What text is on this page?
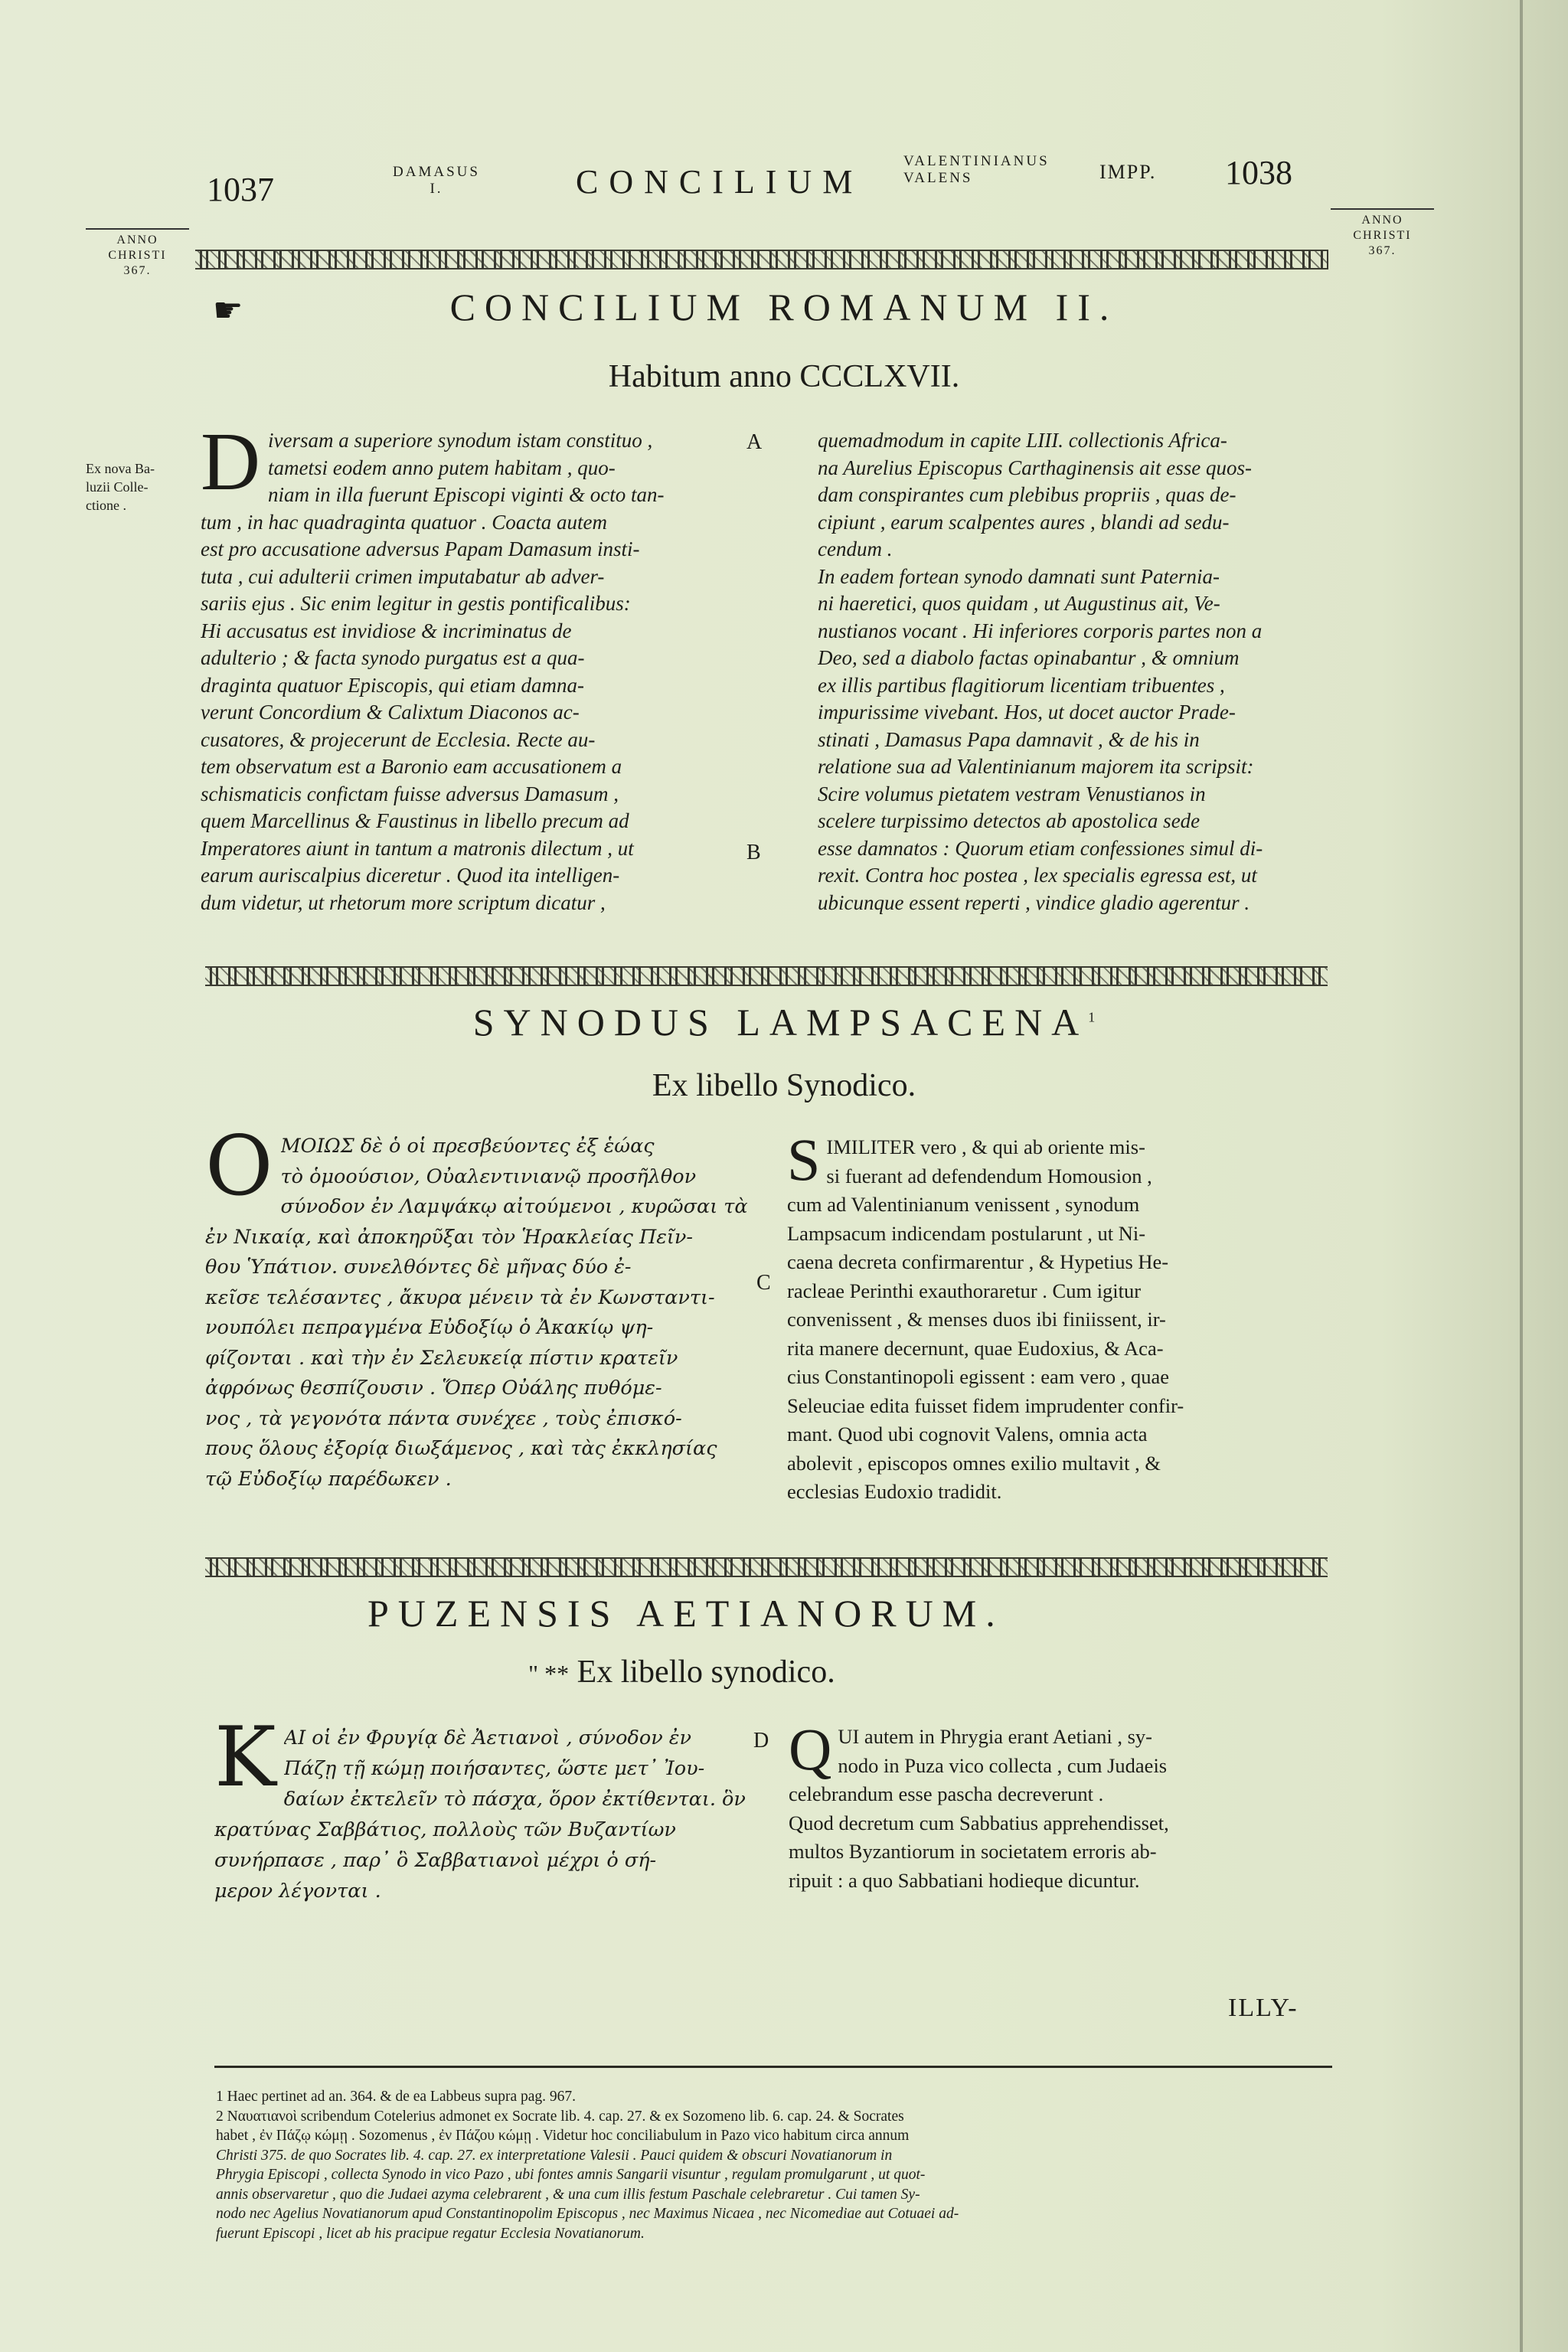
1037	DAMASUS
I.	CONCILIUM
VALENTINIANUS
VALENS	IMPP. 1038
ANNO
CHRISTI
367.
ANNO
CHRISTI
367.
☛	CONCILIUM ROMANUM II.
Habitum anno CCCLXVII.
Ex nova Ba-
luzii Colle-
ctione . D iversam a superiore synodum istam constituo ,
tametsi eodem anno putem habitam , quo-
niam in illa fuerunt Episcopi viginti & octo tan-
tum , in hac quadraginta quatuor . Coacta autem
est pro accusatione adversus Papam Damasum insti-
tuta , cui adulterii crimen imputabatur ab adver-
sariis ejus . Sic enim legitur in gestis pontificalibus:
Hi accusatus est invidiose & incriminatus de
adulterio ; & facta synodo purgatus est a qua-
draginta quatuor Episcopis, qui etiam damna-
verunt Concordium & Calixtum Diaconos ac-
cusatores, & projecerunt de Ecclesia. Recte au-
tem observatum est a Baronio eam accusationem a
schismaticis confictam fuisse adversus Damasum ,
quem Marcellinus & Faustinus in libello precum ad
Imperatores aiunt in tantum a matronis dilectum , ut
earum auriscalpius diceretur . Quod ita intelligen-
dum videtur, ut rhetorum more scriptum dicatur ,
A
B
quemadmodum in capite LIII. collectionis Africa-
na Aurelius Episcopus Carthaginensis ait esse quos-
dam conspirantes cum plebibus propriis , quas de-
cipiunt , earum scalpentes aures , blandi ad sedu-
cendum .
In eadem fortean synodo damnati sunt Paternia-
ni haeretici, quos quidam , ut Augustinus ait, Ve-
nustianos vocant . Hi inferiores corporis partes non a
Deo, sed a diabolo factas opinabantur , & omnium
ex illis partibus flagitiorum licentiam tribuentes ,
impurissime vivebant. Hos, ut docet auctor Prade-
stinati , Damasus Papa damnavit , & de his in
relatione sua ad Valentinianum majorem ita scripsit:
Scire volumus pietatem vestram Venustianos in
scelere turpissimo detectos ab apostolica sede
esse damnatos : Quorum etiam confessiones simul di-
rexit. Contra hoc postea , lex specialis egressa est, ut
ubicunque essent reperti , vindice gladio agerentur .
SYNODUS LAMPSACENA$^1$
Ex libello Synodico.
Ο ΜΟΙΩΣ δὲ ὁ οἱ πρεσβεύοντες ἐξ ἑώας
τὸ ὁμοούσιον, Οὐαλεντινιανῷ προσῆλθον
σύνοδον ἐν Λαμψάκῳ αἰτούμενοι , κυρῶσαι τὰ
ἐν Νικαίᾳ, καὶ ἀποκηρῦξαι τὸν Ἡρακλείας Πεῖν-
θου Ὑπάτιον. συνελθόντες δὲ μῆνας δύο ἐ-
κεῖσε τελέσαντες , ἄκυρα μένειν τὰ ἐν Κωνσταντι-
νουπόλει πεπραγμένα Εὐδοξίῳ ὁ Ἀκακίῳ ψη-
φίζονται . καὶ τὴν ἐν Σελευκείᾳ πίστιν κρατεῖν
ἀφρόνως θεσπίζουσιν . Ὅπερ Οὐάλης πυθόμε-
νος , τὰ γεγονότα πάντα συνέχεε , τοὺς ἐπισκό-
πους ὅλους ἐξορίᾳ διωξάμενος , καὶ τὰς ἐκκλησίας
τῷ Εὐδοξίῳ παρέδωκεν .
C
S IMILITER vero , & qui ab oriente mis-
si fuerant ad defendendum Homousion ,
cum ad Valentinianum venissent , synodum
Lampsacum indicendam postularunt , ut Ni-
caena decreta confirmarentur , & Hypetius He-
racleae Perinthi exauthoraretur . Cum igitur
convenissent , & menses duos ibi finiissent, ir-
rita manere decernunt, quae Eudoxius, & Aca-
cius Constantinopoli egissent : eam vero , quae
Seleuciae edita fuisset fidem imprudenter confir-
mant. Quod ubi cognovit Valens, omnia acta
abolevit , episcopos omnes exilio multavit , &
ecclesias Eudoxio tradidit.
PUZENSIS AETIANORUM.
" ** Ex libello synodico.
Κ ΑΙ οἱ ἐν Φρυγίᾳ δὲ Ἀετιανοὶ , σύνοδον ἐν
Πάζῃ τῇ κώμῃ ποιήσαντες, ὥστε μετ᾽ Ἰου-
δαίων ἐκτελεῖν τὸ πάσχα, ὅρον ἐκτίθενται. ὃν
κρατύνας Σαββάτιος, πολλοὺς τῶν Βυζαντίων
συνήρπασε , παρ᾽ ὃ Σαββατιανοὶ μέχρι ὁ σή-
μερον λέγονται .
D Q UI autem in Phrygia erant Aetiani , sy-
nodo in Puza vico collecta , cum Judaeis
celebrandum esse pascha decreverunt .
Quod decretum cum Sabbatius apprehendisset,
multos Byzantiorum in societatem erroris ab-
ripuit : a quo Sabbatiani hodieque dicuntur.
ILLY-
1 Haec pertinet ad an. 364. & de ea Labbeus supra pag. 967.
2 Ναυατιανοὶ scribendum Cotelerius admonet ex Socrate lib. 4. cap. 27. & ex Sozomeno lib. 6. cap. 24. & Socrates
habet , ἐν Πάζῳ κώμῃ . Sozomenus , ἐν Πάζου κώμῃ . Videtur hoc conciliabulum in Pazo vico habitum circa annum
Christi 375. de quo Socrates lib. 4. cap. 27. ex interpretatione Valesii . Pauci quidem & obscuri Novatianorum in
Phrygia Episcopi , collecta Synodo in vico Pazo , ubi fontes amnis Sangarii visuntur , regulam promulgarunt , ut quot-
annis observaretur , quo die Judaei azyma celebrarent , & una cum illis festum Paschale celebraretur . Cui tamen Sy-
nodo nec Agelius Novatianorum apud Constantinopolim Episcopus , nec Maximus Nicaea , nec Nicomediae aut Cotuaei ad-
fuerunt Episcopi , licet ab his pracipue regatur Ecclesia Novatianorum.
